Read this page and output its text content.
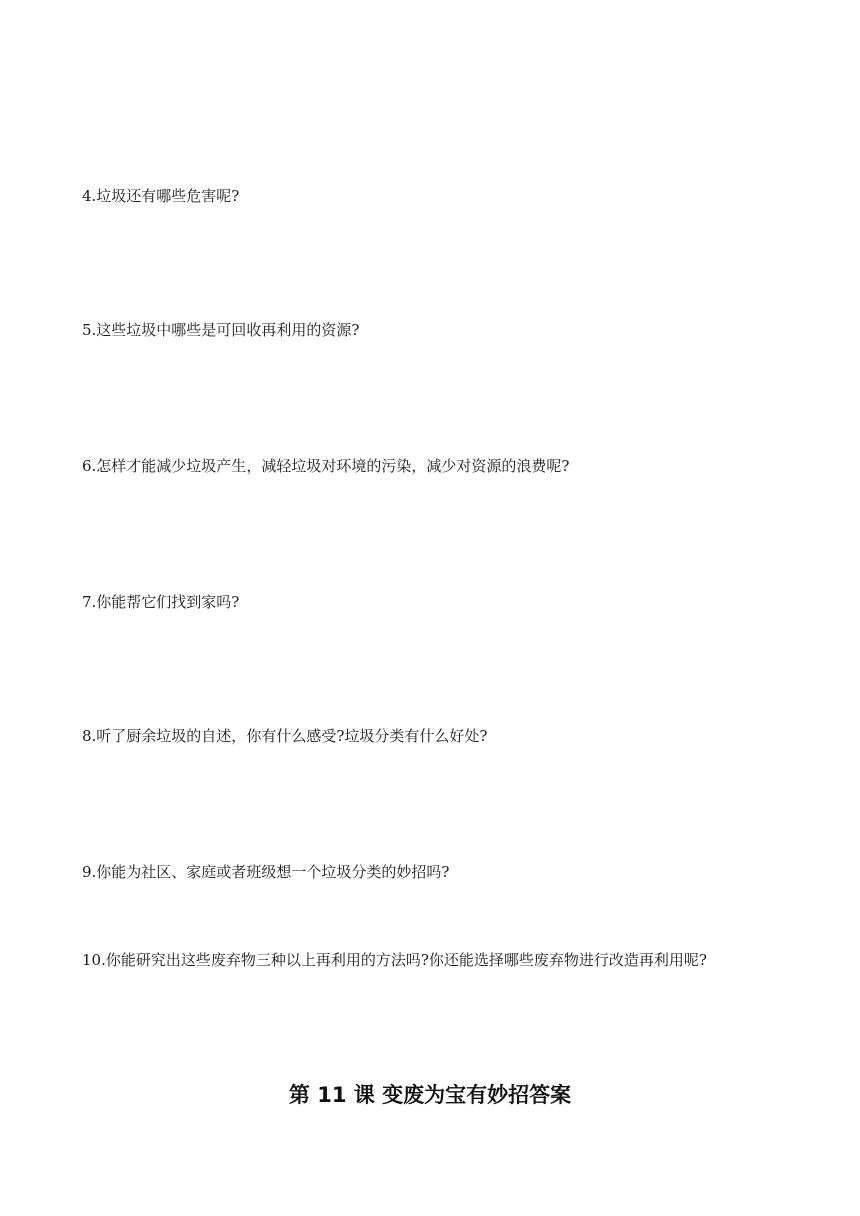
4.垃圾还有哪些危害呢?
5.这些垃圾中哪些是可回收再利用的资源?
6.怎样才能减少垃圾产生，减轻垃圾对环境的污染，减少对资源的浪费呢?
7.你能帮它们找到家吗?
8.听了厨余垃圾的自述，你有什么感受?垃圾分类有什么好处?
9.你能为社区、家庭或者班级想一个垃圾分类的妙招吗?
10.你能研究出这些废弃物三种以上再利用的方法吗?你还能选择哪些废弃物进行改造再利用呢?
第 11 课 变废为宝有妙招答案
